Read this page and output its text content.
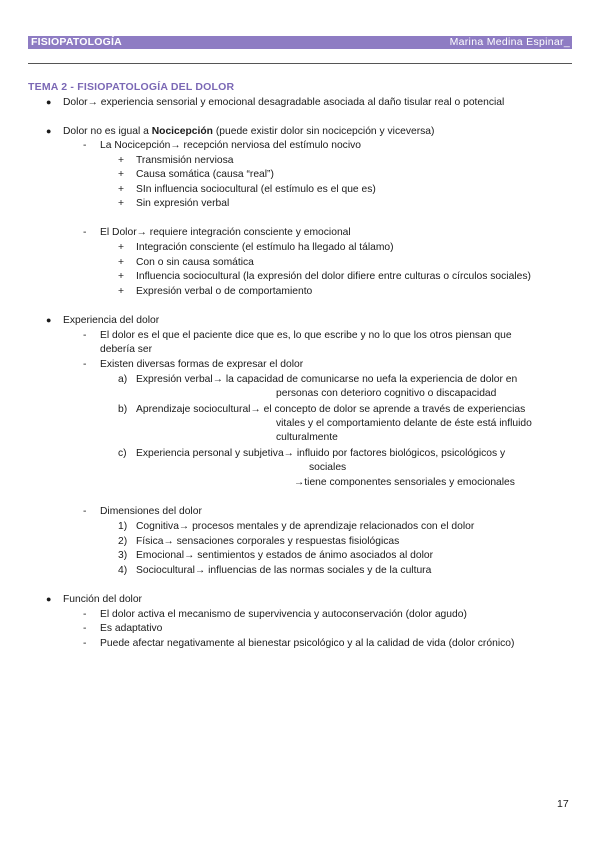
FISIOPATOLOGÍA	Marina Medina Espinar_
TEMA 2 - FISIOPATOLOGÍA DEL DOLOR
● Dolor→ experiencia sensorial y emocional desagradable asociada al daño tisular real o potencial
● Dolor no es igual a Nocicepción (puede existir dolor sin nocicepción y viceversa)
- La Nocicepción→ recepción nerviosa del estímulo nocivo
+ Transmisión nerviosa
+ Causa somática (causa “real”)
+ SIn influencia sociocultural (el estímulo es el que es)
+ Sin expresión verbal
- El Dolor→ requiere integración consciente y emocional
+ Integración consciente (el estímulo ha llegado al tálamo)
+ Con o sin causa somática
+ Influencia sociocultural (la expresión del dolor difiere entre culturas o círculos sociales)
+ Expresión verbal o de comportamiento
● Experiencia del dolor
- El dolor es el que el paciente dice que es, lo que escribe y no lo que los otros piensan que
debería ser
- Existen diversas formas de expresar el dolor
a) Expresión verbal→ la capacidad de comunicarse no uefa la experiencia de dolor en
personas con deterioro cognitivo o discapacidad
b) Aprendizaje sociocultural→ el concepto de dolor se aprende a través de experiencias
vitales y el comportamiento delante de éste está influido
culturalmente
c) Experiencia personal y subjetiva→ influido por factores biológicos, psicológicos y
sociales
→tiene componentes sensoriales y emocionales
- Dimensiones del dolor
1) Cognitiva→ procesos mentales y de aprendizaje relacionados con el dolor
2) Física→ sensaciones corporales y respuestas fisiológicas
3) Emocional→ sentimientos y estados de ánimo asociados al dolor
4) Sociocultural→ influencias de las normas sociales y de la cultura
● Función del dolor
- El dolor activa el mecanismo de supervivencia y autoconservación (dolor agudo)
- Es adaptativo
- Puede afectar negativamente al bienestar psicológico y al la calidad de vida (dolor crónico)
17
